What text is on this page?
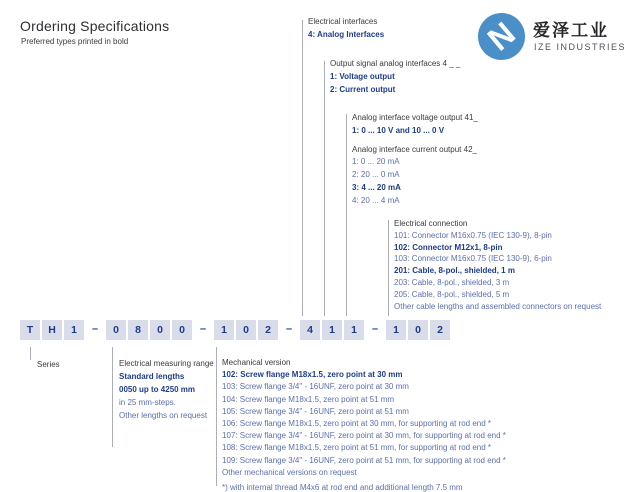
Ordering Specifications
Preferred types printed in bold	N 爱泽工业
IZE INDUSTRIES
Electrical interfaces
4: Analog Interfaces
Output signal analog interfaces 4 _ _
1: Voltage output
2: Current output
Analog interface voltage output 41_
1: 0 ... 10 V and 10 ... 0 V
Analog interface current output 42_
1: 0 ... 20 mA
2: 20 ... 0 mA
3: 4 ... 20 mA
4: 20 ... 4 mA
Electrical connection
101: Connector M16x0.75 (IEC 130-9), 8-pin
102: Connector M12x1, 8-pin
103: Connector M16x0.75 (IEC 130-9), 6-pin
201: Cable, 8-pol., shielded, 1 m
203: Cable, 8-pol., shielded, 3 m
205: Cable, 8-pol., shielded, 5 m
Other cable lengths and assembled connectors on request
T	H	1	–	0	8	0	0	–	1	0	2	–	4	1	1	–	1	0	2
Series	Electrical measuring range
Standard lengths
0050 up to 4250 mm
in 25 mm-steps.
Other lengths on request
Mechanical version
102: Screw flange M18x1.5, zero point at 30 mm
103: Screw flange 3/4" - 16UNF, zero point at 30 mm
104: Screw flange M18x1.5, zero point at 51 mm
105: Screw flange 3/4" - 16UNF, zero point at 51 mm
106: Screw flange M18x1.5, zero point at 30 mm, for supporting at rod end *
107: Screw flange 3/4" - 16UNF, zero point at 30 mm, for supporting at rod end *
108: Screw flange M18x1.5, zero point at 51 mm, for supporting at rod end *
109: Screw flange 3/4" - 16UNF, zero point at 51 mm, for supporting at rod end *
Other mechanical versions on request
*) with internal thread M4x6 at rod end and additional length 7.5 mm
